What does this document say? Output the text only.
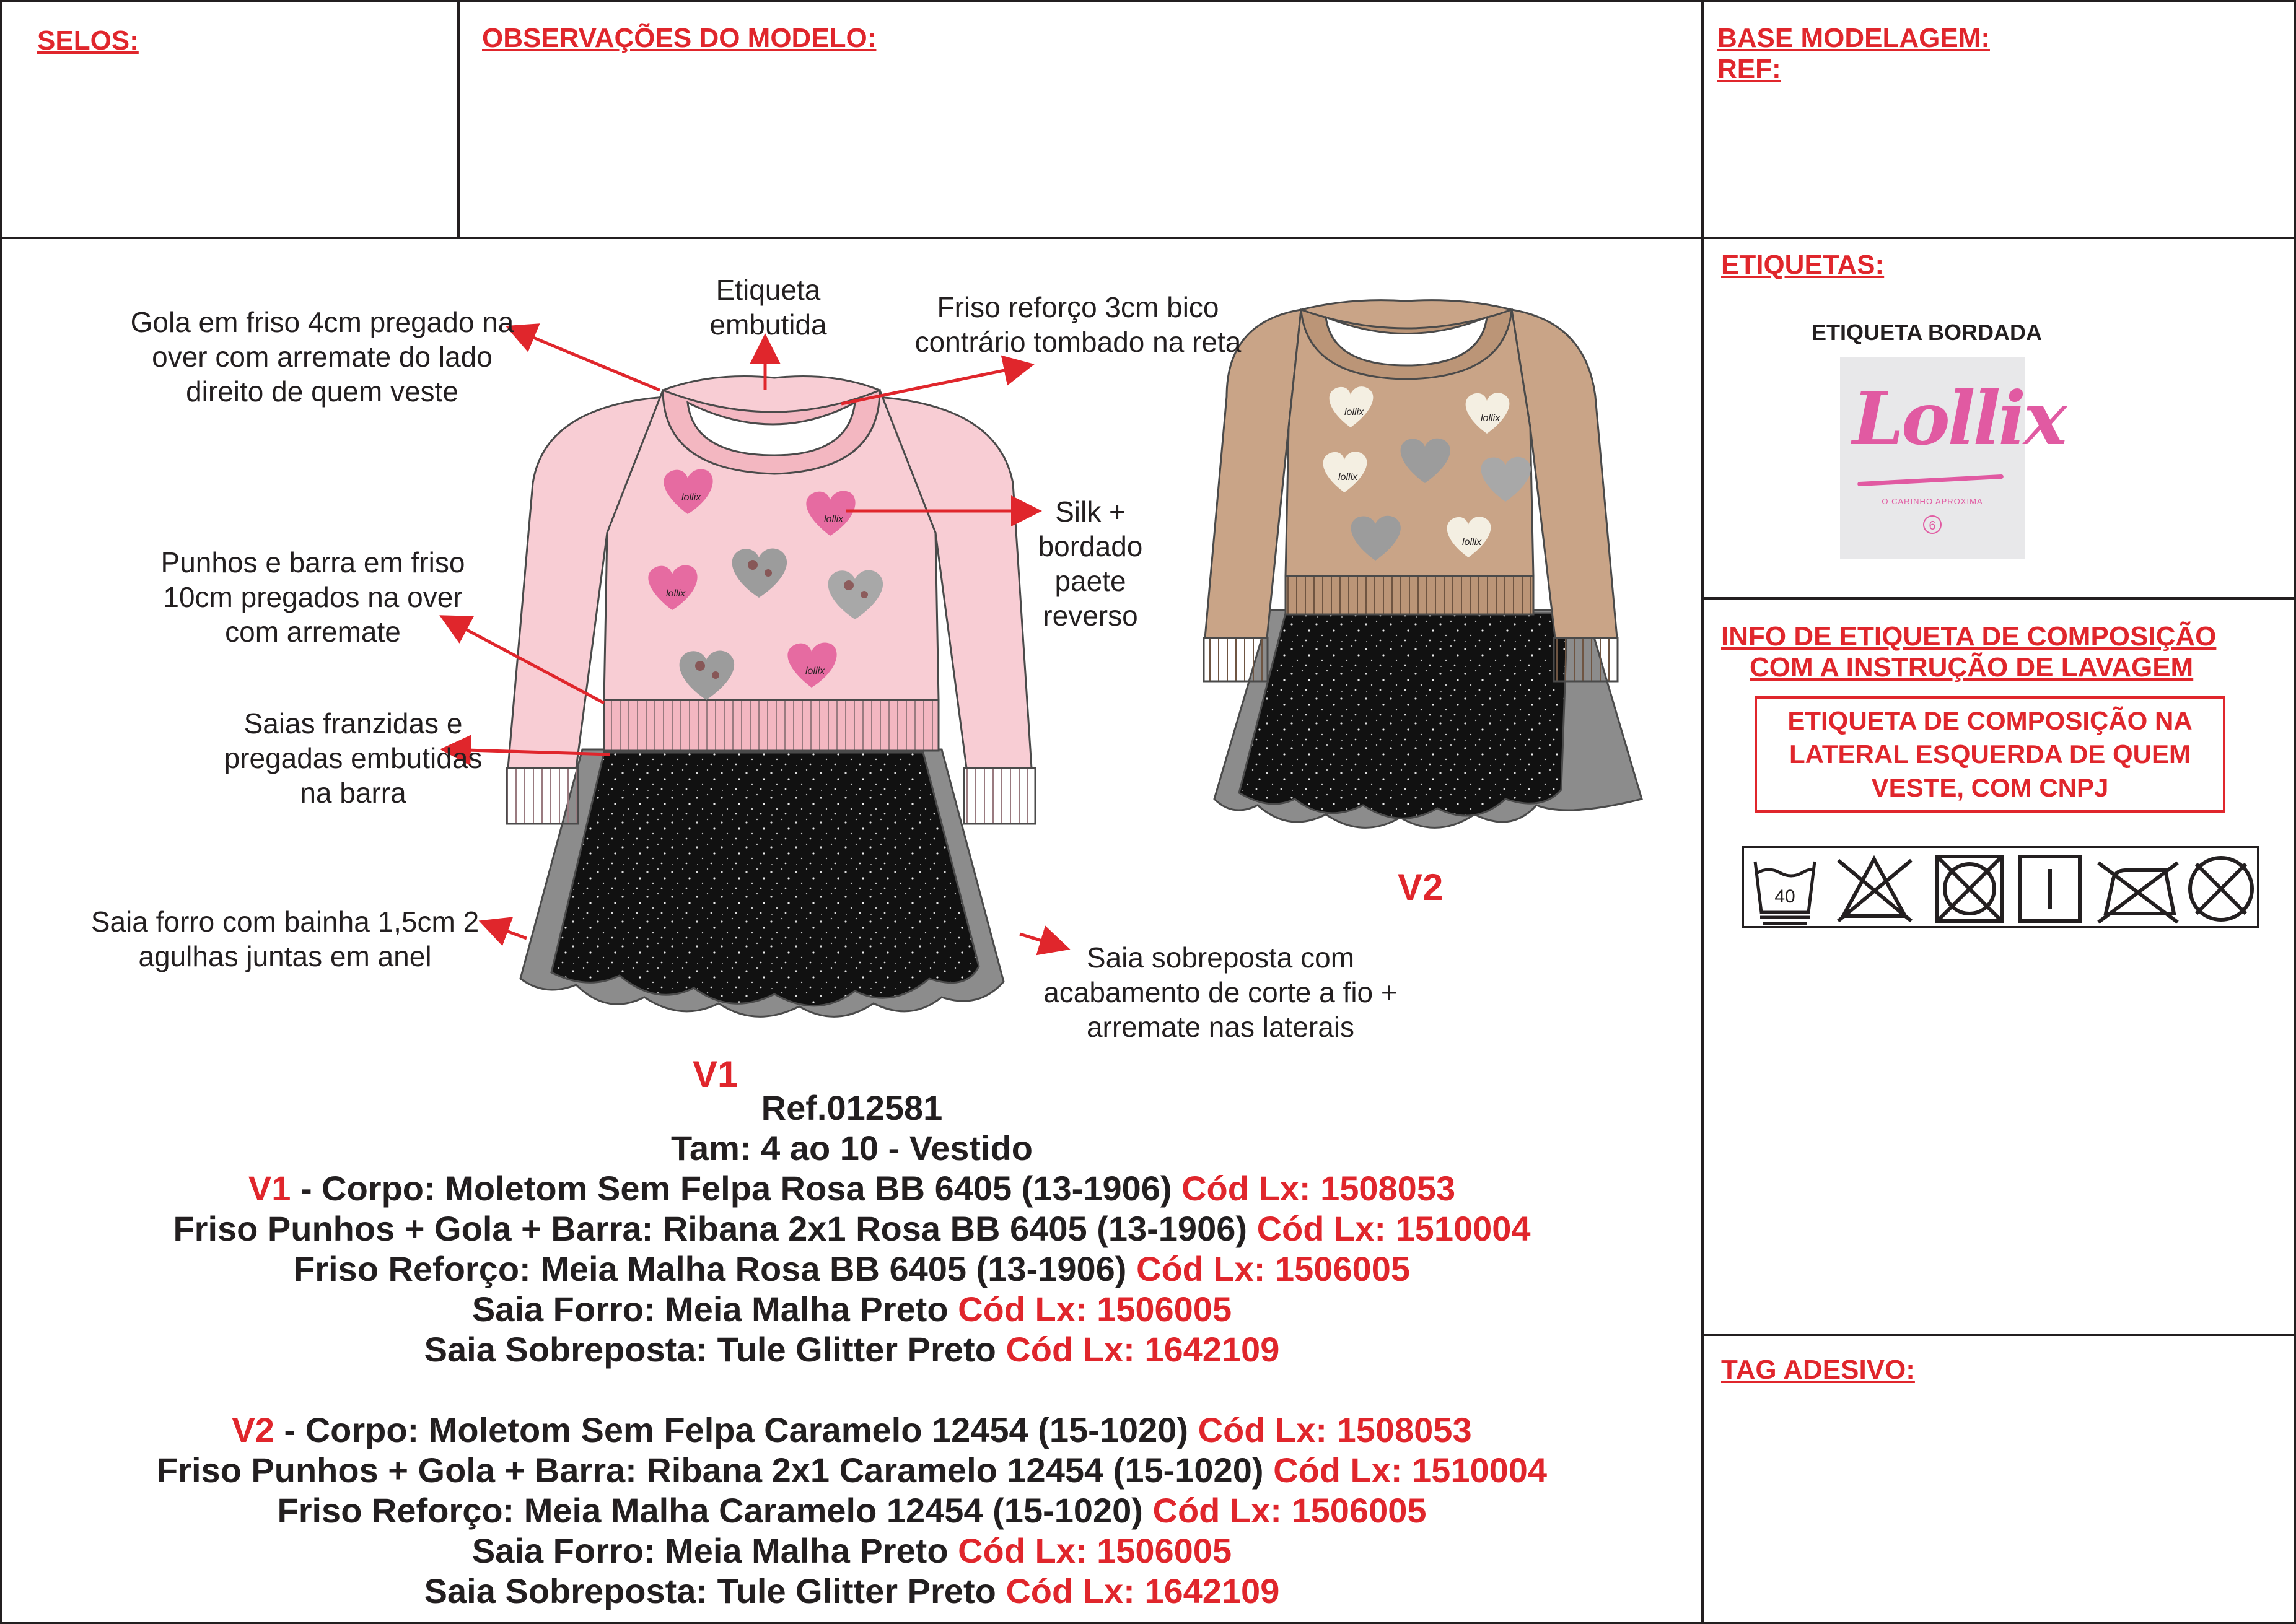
SELOS:	OBSERVAÇÕES DO MODELO:	BASE MODELAGEM:
REF:
ETIQUETAS:
ETIQUETA BORDADA
Lollix
O CARINHO APROXIMA
6
INFO DE ETIQUETA DE COMPOSIÇÃO
COM A INSTRUÇÃO DE LAVAGEM
ETIQUETA DE COMPOSIÇÃO NA LATERAL ESQUERDA DE QUEM VESTE, COM CNPJ
40
TAG ADESIVO:
lollix
lollix
lollix
lollix
lollix
lollix
lollix
lollix
Gola em friso 4cm pregado na over com arremate do lado direito de quem veste
Etiqueta embutida
Friso reforço 3cm bico contrário tombado na reta
Silk + bordado paete reverso
Punhos e barra em friso 10cm pregados na over com arremate
Saias franzidas e pregadas embutidas na barra
Saia forro com bainha 1,5cm 2 agulhas juntas em anel	Saia sobreposta com acabamento de corte a fio + arremate nas laterais
V1
V2
Ref.012581
Tam: 4 ao 10 - Vestido
V1 - Corpo: Moletom Sem Felpa Rosa BB 6405 (13-1906) Cód Lx: 1508053
Friso Punhos + Gola + Barra: Ribana 2x1 Rosa BB 6405 (13-1906) Cód Lx: 1510004
Friso Reforço: Meia Malha Rosa BB 6405 (13-1906) Cód Lx: 1506005
Saia Forro: Meia Malha Preto Cód Lx: 1506005
Saia Sobreposta: Tule Glitter Preto Cód Lx: 1642109
V2 - Corpo: Moletom Sem Felpa Caramelo 12454 (15-1020) Cód Lx: 1508053
Friso Punhos + Gola + Barra: Ribana 2x1 Caramelo 12454 (15-1020) Cód Lx: 1510004
Friso Reforço: Meia Malha Caramelo 12454 (15-1020) Cód Lx: 1506005
Saia Forro: Meia Malha Preto Cód Lx: 1506005
Saia Sobreposta: Tule Glitter Preto Cód Lx: 1642109
